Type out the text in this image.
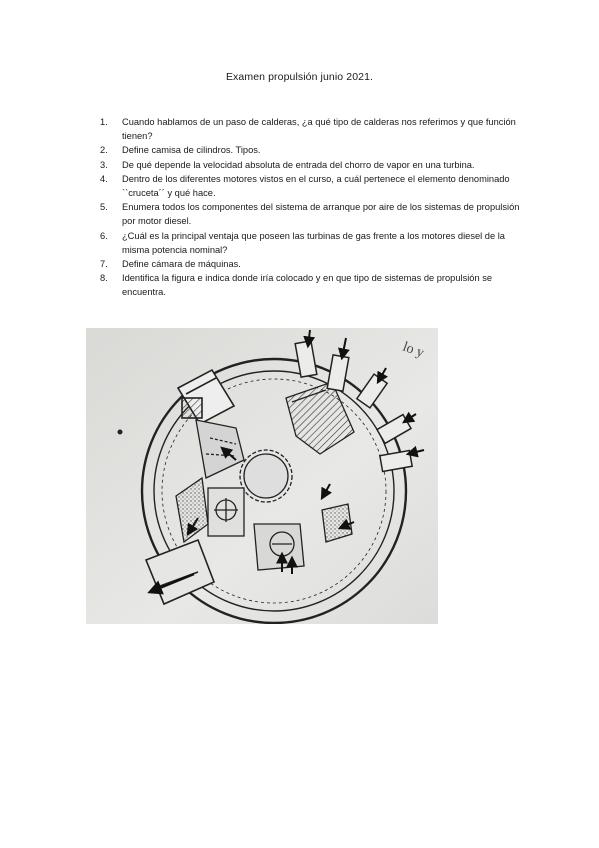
Examen propulsión junio 2021.
1.	Cuando hablamos de un paso de calderas, ¿a qué tipo de calderas nos referimos y que función tienen?
2.	Define camisa de cilindros. Tipos.
3.	De qué depende la velocidad absoluta de entrada del chorro de vapor en una turbina.
4.	Dentro de los diferentes motores vistos en el curso, a cuál pertenece el elemento denominado ``cruceta´´ y qué hace.
5.	Enumera todos los componentes del sistema de arranque por aire de los sistemas de propulsión por motor diesel.
6.	¿Cuál es la principal ventaja que poseen las turbinas de gas frente a los motores diesel de la misma potencia nominal?
7.	Define cámara de máquinas.
8.	Identifica la figura e indica donde iría colocado y en que tipo de sistemas de propulsión se encuentra.
lo y
